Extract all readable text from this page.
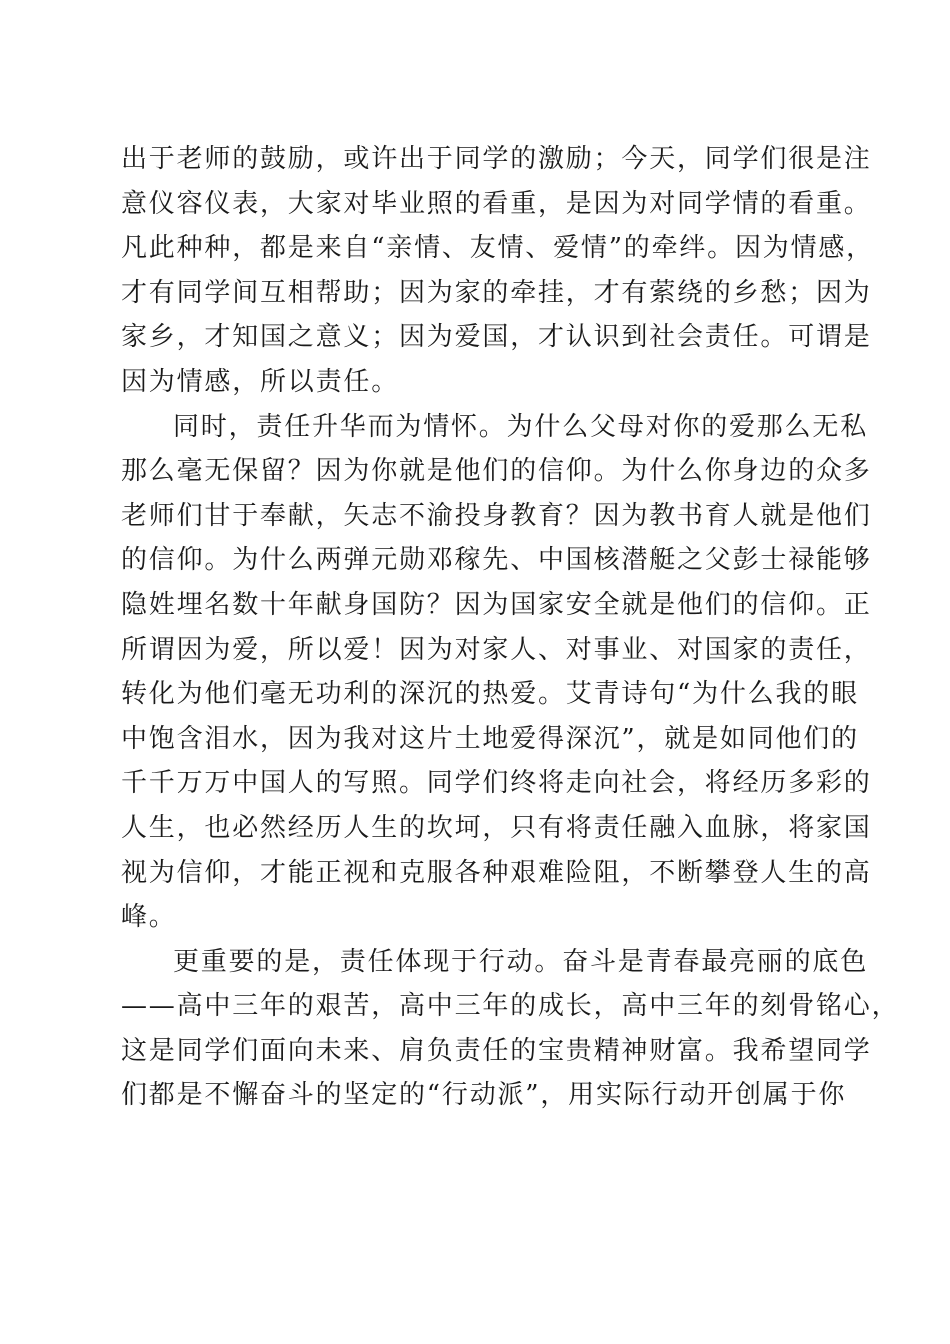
出于老师的鼓励，或许出于同学的激励；今天，同学们很是注
意仪容仪表，大家对毕业照的看重，是因为对同学情的看重。
凡此种种，都是来自“亲情、友情、爱情”的牵绊。因为情感，
才有同学间互相帮助；因为家的牵挂，才有萦绕的乡愁；因为
家乡，才知国之意义；因为爱国，才认识到社会责任。可谓是
因为情感，所以责任。
同时，责任升华而为情怀。为什么父母对你的爱那么无私
那么毫无保留？因为你就是他们的信仰。为什么你身边的众多
老师们甘于奉献，矢志不渝投身教育？因为教书育人就是他们
的信仰。为什么两弹元勋邓稼先、中国核潜艇之父彭士禄能够
隐姓埋名数十年献身国防？因为国家安全就是他们的信仰。正
所谓因为爱，所以爱！因为对家人、对事业、对国家的责任，
转化为他们毫无功利的深沉的热爱。艾青诗句“为什么我的眼
中饱含泪水，因为我对这片土地爱得深沉”，就是如同他们的
千千万万中国人的写照。同学们终将走向社会，将经历多彩的
人生，也必然经历人生的坎坷，只有将责任融入血脉，将家国
视为信仰，才能正视和克服各种艰难险阻，不断攀登人生的高
峰。
更重要的是，责任体现于行动。奋斗是青春最亮丽的底色
——高中三年的艰苦，高中三年的成长，高中三年的刻骨铭心，
这是同学们面向未来、肩负责任的宝贵精神财富。我希望同学
们都是不懈奋斗的坚定的“行动派”，用实际行动开创属于你
